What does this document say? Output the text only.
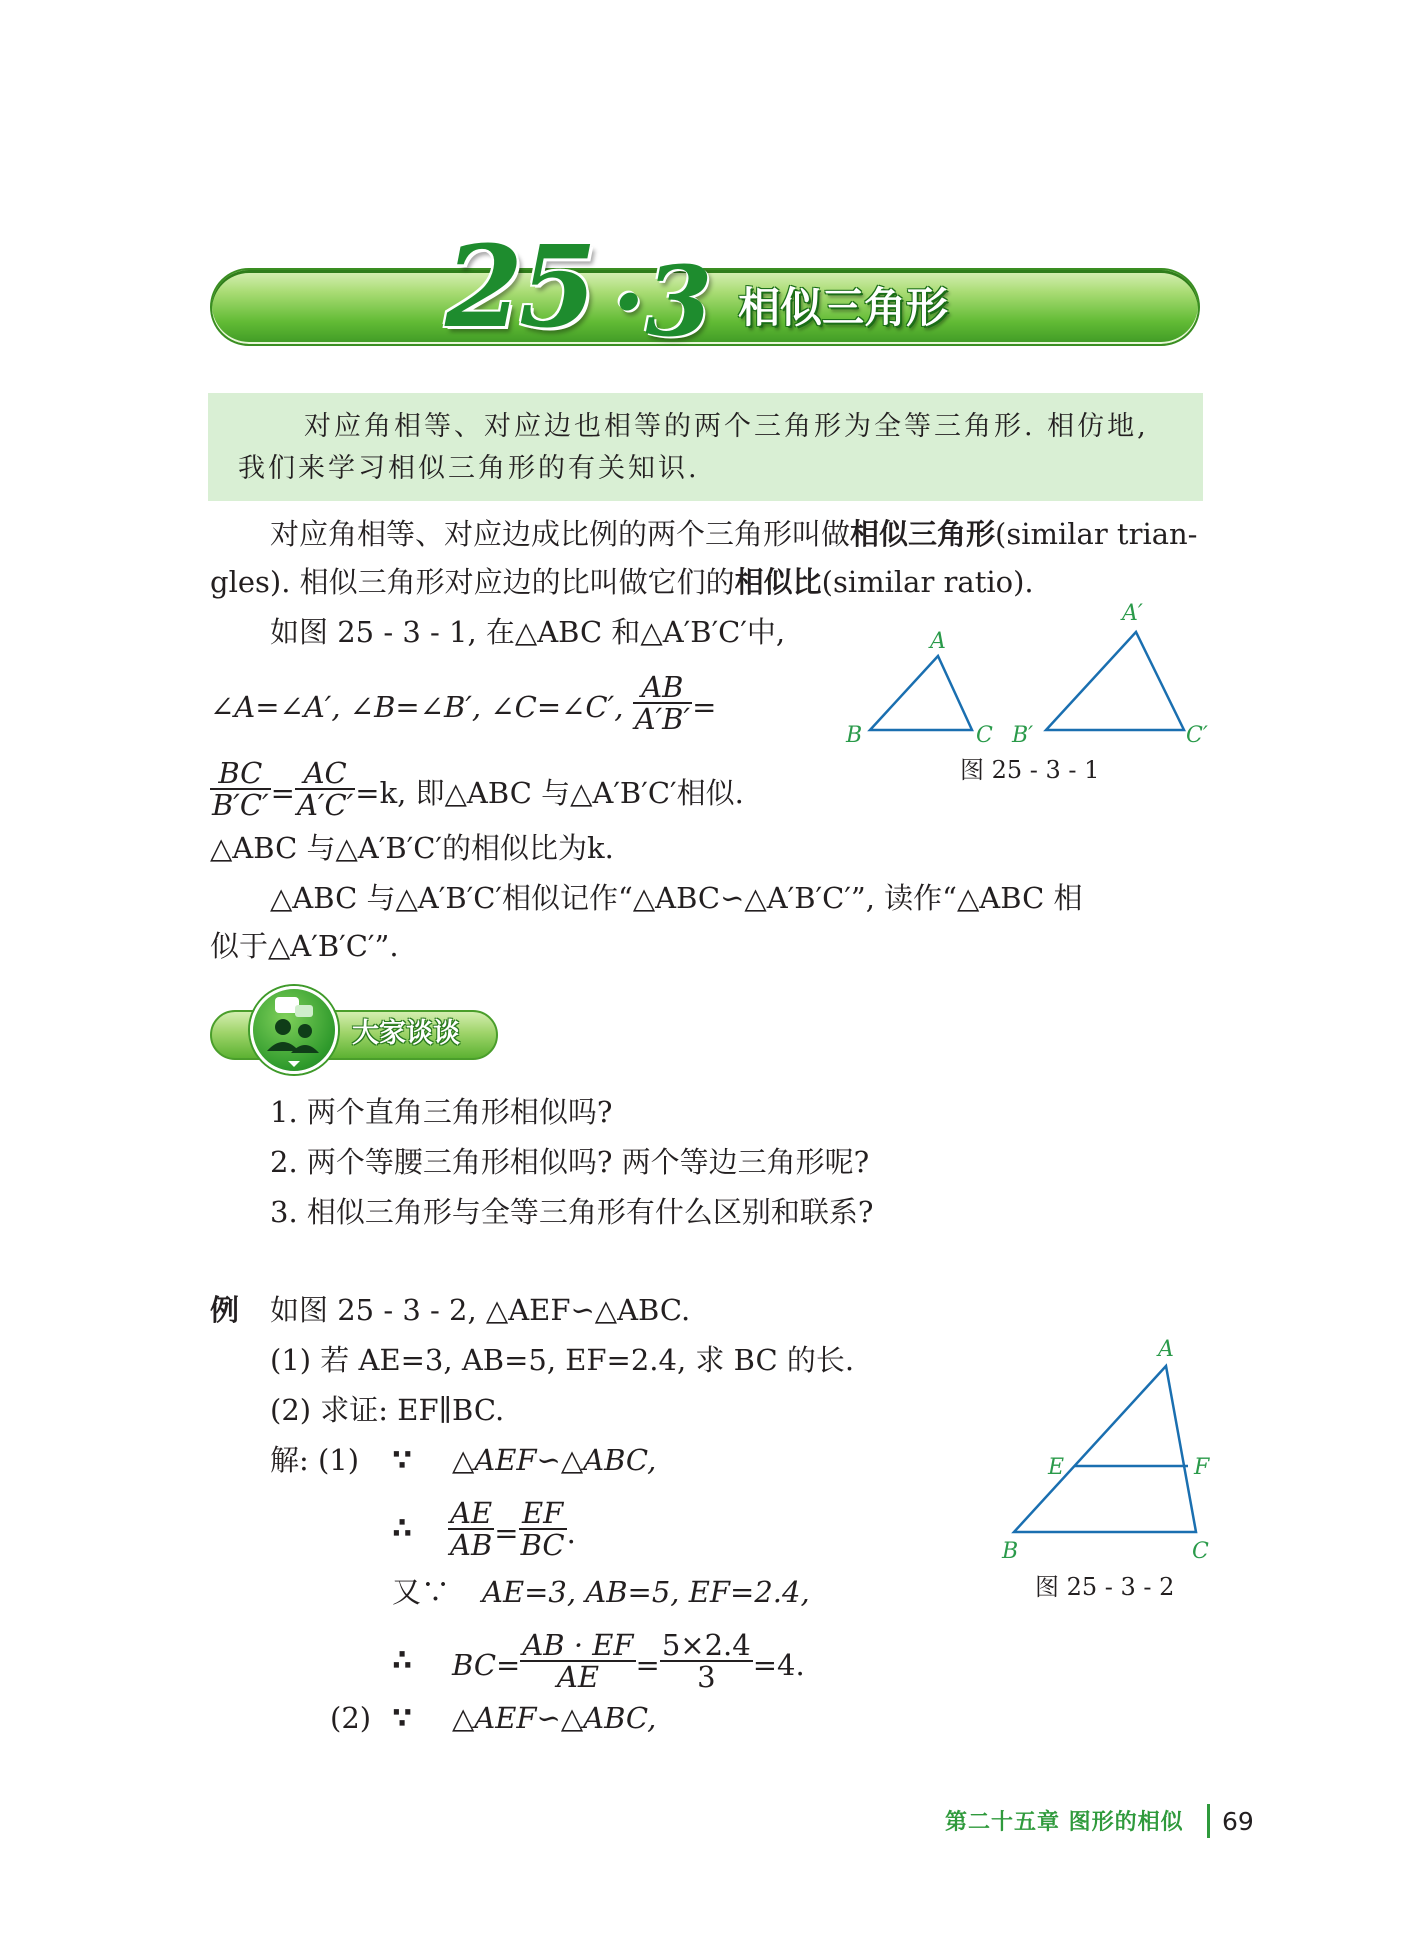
25 ·3 相似三角形
对应角相等、对应边也相等的两个三角形为全等三角形. 相仿地,
我们来学习相似三角形的有关知识.
对应角相等、对应边成比例的两个三角形叫做相似三角形(similar trian-
gles). 相似三角形对应边的比叫做它们的相似比(similar ratio).
如图 25 - 3 - 1, 在△ABC 和△A′B′C′中,
∠A=∠A′, ∠B=∠B′, ∠C=∠C′, $\frac{AB}{A'B'}$ =
$\frac{BC}{B'C'} = \frac{AC}{A'C'} =k$, 即△ABC 与△A′B′C′相似.
△ABC 与△A′B′C′的相似比为k.
△ABC 与△A′B′C′相似记作“△ABC∽△A′B′C′”, 读作“△ABC 相
似于△A′B′C′”.
A
B	C
A′
B′	C′
图 25 - 3 - 1
大家谈谈
1. 两个直角三角形相似吗?
2. 两个等腰三角形相似吗? 两个等边三角形呢?
3. 相似三角形与全等三角形有什么区别和联系?
例 如图 25 - 3 - 2, △AEF∽△ABC.
(1) 若 AE=3, AB=5, EF=2.4, 求 BC 的长.
(2) 求证: EF∥BC.
解: (1) ∵ △AEF∽△ABC,
∴ $\frac{AE}{AB} = \frac{EF}{BC}$ .
又∵ AE=3, AB=5, EF=2.4,
∴ $BC= \frac{AB \cdot EF}{AE} = \frac{5\times 2.4}{3} =4$.
(2) ∵ △AEF∽△ABC,
A
B	C
E	F
图 25 - 3 - 2
第二十五章 图形的相似 69
